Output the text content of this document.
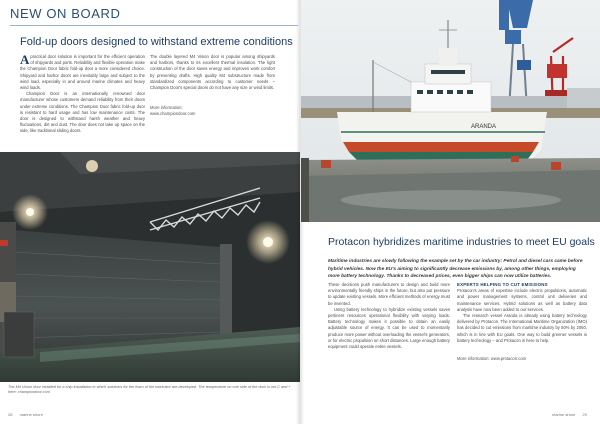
NEW ON BOARD
Fold-up doors designed to withstand extreme conditions
A practical door solution is important for the efficient operation of shipyards and ports. Reliability and flexible operation make the Champion Door fabric fold-up door a more considered choice. Shipyard and harbor doors are inevitably large and subject to the wind load, especially in and around marine climates and heavy wind loads.
Champion Door is an internationally renowned door manufacturer whose customers demand reliability from their doors under extreme conditions. The Champion Door fabric fold-up door is resistant to hard usage and has low maintenance costs. The door is designed to withstand harsh weather and heavy fluctuations, dirt and dust. The door does not take up space on the side, like traditional sliding doors.
The double layered M4 Vision door is popular among shipyards and harbors, thanks to its excellent thermal insulation. The light construction of the door saves energy and improves work comfort by preventing drafts. High quality M4 substructure made from standardized components according to customer needs – Champion Door's special doors do not have any size or wind limits.
More information:
www.championdoor.com
The M4 Vision door installed for a ship installation in which solutions for the foam of the lubricator are developed. The temperature on one side of the door is not C and + here: championdoor.com
28 marine shore
ARANDA
Protacon hybridizes maritime industries to meet EU goals
Maritime industries are slowly following the example set by the car industry: Petrol and diesel cars came before hybrid vehicles. Now the EU's aiming to significantly decrease emissions by, among other things, employing more battery technology. Thanks to decreased prices, even bigger ships can now utilize batteries.
These decisions push manufacturers to design and build more environmentally friendly ships in the future, but also put pressure to update existing vessels. More efficient methods of energy must be invented.
Using battery technology to hybridize existing vessels saves pertinent resources operational flexibility with varying loads. Battery technology makes it possible to obtain an easily adjustable source of energy. It can be used to momentarily produce more power without overloading the vessel's generators, or for electric propulsion on short distances. Large enough battery equipment could operate entire vessels.
EXPERTS HELPING TO CUT EMISSIONS
Protacon's areas of expertise include electric propulsions, automatic and power management systems, control unit deliveries and maintenance services. Hybrid solutions as well as battery data analysis have now been added to our services.
The research vessel Aranda is already using battery technology delivered by Protacon. The International Maritime Organization (IMO) has decided to cut emissions from maritime industry by 50% by 2050, which is in line with EU goals. One way to build greener vessels is battery technology – and Protacon is here to help.
More information: www.protacon.com
marine shore 29
